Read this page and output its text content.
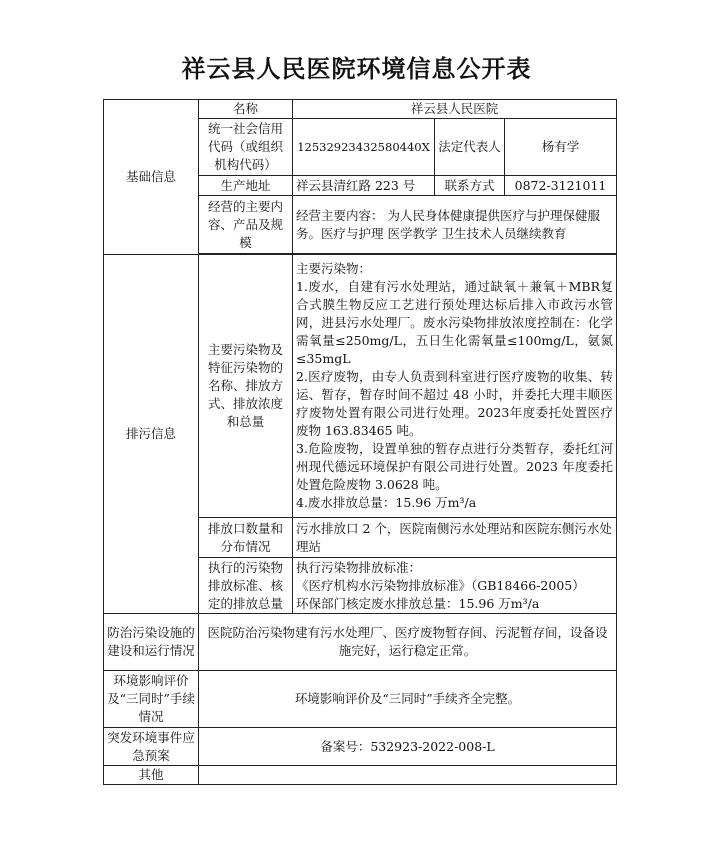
祥云县人民医院环境信息公开表
基础信息	名称	祥云县人民医院		
	统一社会信用代码（或组织机构代码）	12532923432580440X	法定代表人	杨有学
	生产地址	祥云县清红路 223 号	联系方式	0872-3121011
	经营的主要内容、产品及规模	经营主要内容： 为人民身体健康提供医疗与护理保健服务。医疗与护理 医学教学 卫生技术人员继续教育		

排污信息	主要污染物及特征污染物的名称、排放方式、排放浓度和总量	主要污染物：
1.废水，自建有污水处理站，通过缺氧＋兼氧＋MBR复合式膜生物反应工艺进行预处理达标后排入市政污水管网，进县污水处理厂。废水污染物排放浓度控制在：化学需氧量≤250mg/L，五日生化需氧量≤100mg/L，氨氮≤35mgL
2.医疗废物，由专人负责到科室进行医疗废物的收集、转运、暂存，暂存时间不超过 48 小时，并委托大理丰顺医疗废物处置有限公司进行处理。2023年度委托处置医疗废物 163.83465 吨。
3.危险废物，设置单独的暂存点进行分类暂存，委托红河州现代德远环境保护有限公司进行处置。2023 年度委托处置危险废物 3.0628 吨。
4.废水排放总量：15.96 万m³/a		

	排放口数量和分布情况	污水排放口 2 个，医院南侧污水处理站和医院东侧污水处理站		
	执行的污染物排放标准、核定的排放总量	执行污染物排放标准：
《医疗机构水污染物排放标准》（GB18466-2005）
环保部门核定废水排放总量：15.96 万m³/a		

防治污染设施的建设和运行情况	医院防治污染物建有污水处理厂、医疗废物暂存间、污泥暂存间，设备设施完好，运行稳定正常。			
环境影响评价及“三同时”手续情况	环境影响评价及“三同时”手续齐全完整。			
突发环境事件应急预案	备案号：532923-2022-008-L			
其他				
